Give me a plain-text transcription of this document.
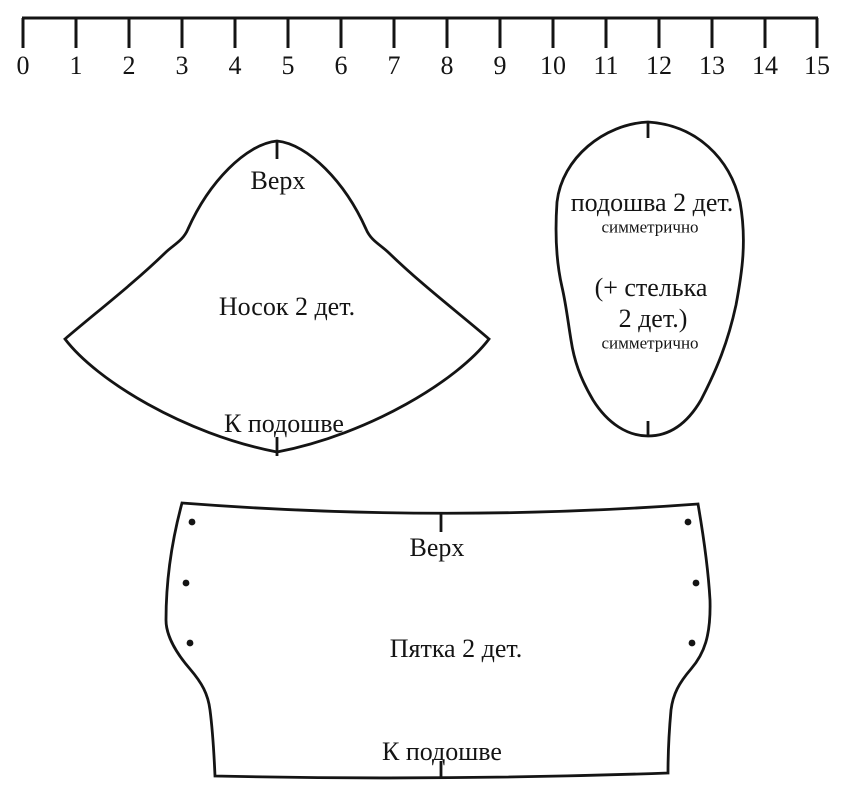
0 1 2 3 4 5 6 7 8 9 10 11 12 13 14 15
Верх
Носок 2 дет.
К подошве
подошва 2 дет.
симметрично
(+ стелька
2 дет.)
симметрично
Верх
Пятка 2 дет.
К подошве
